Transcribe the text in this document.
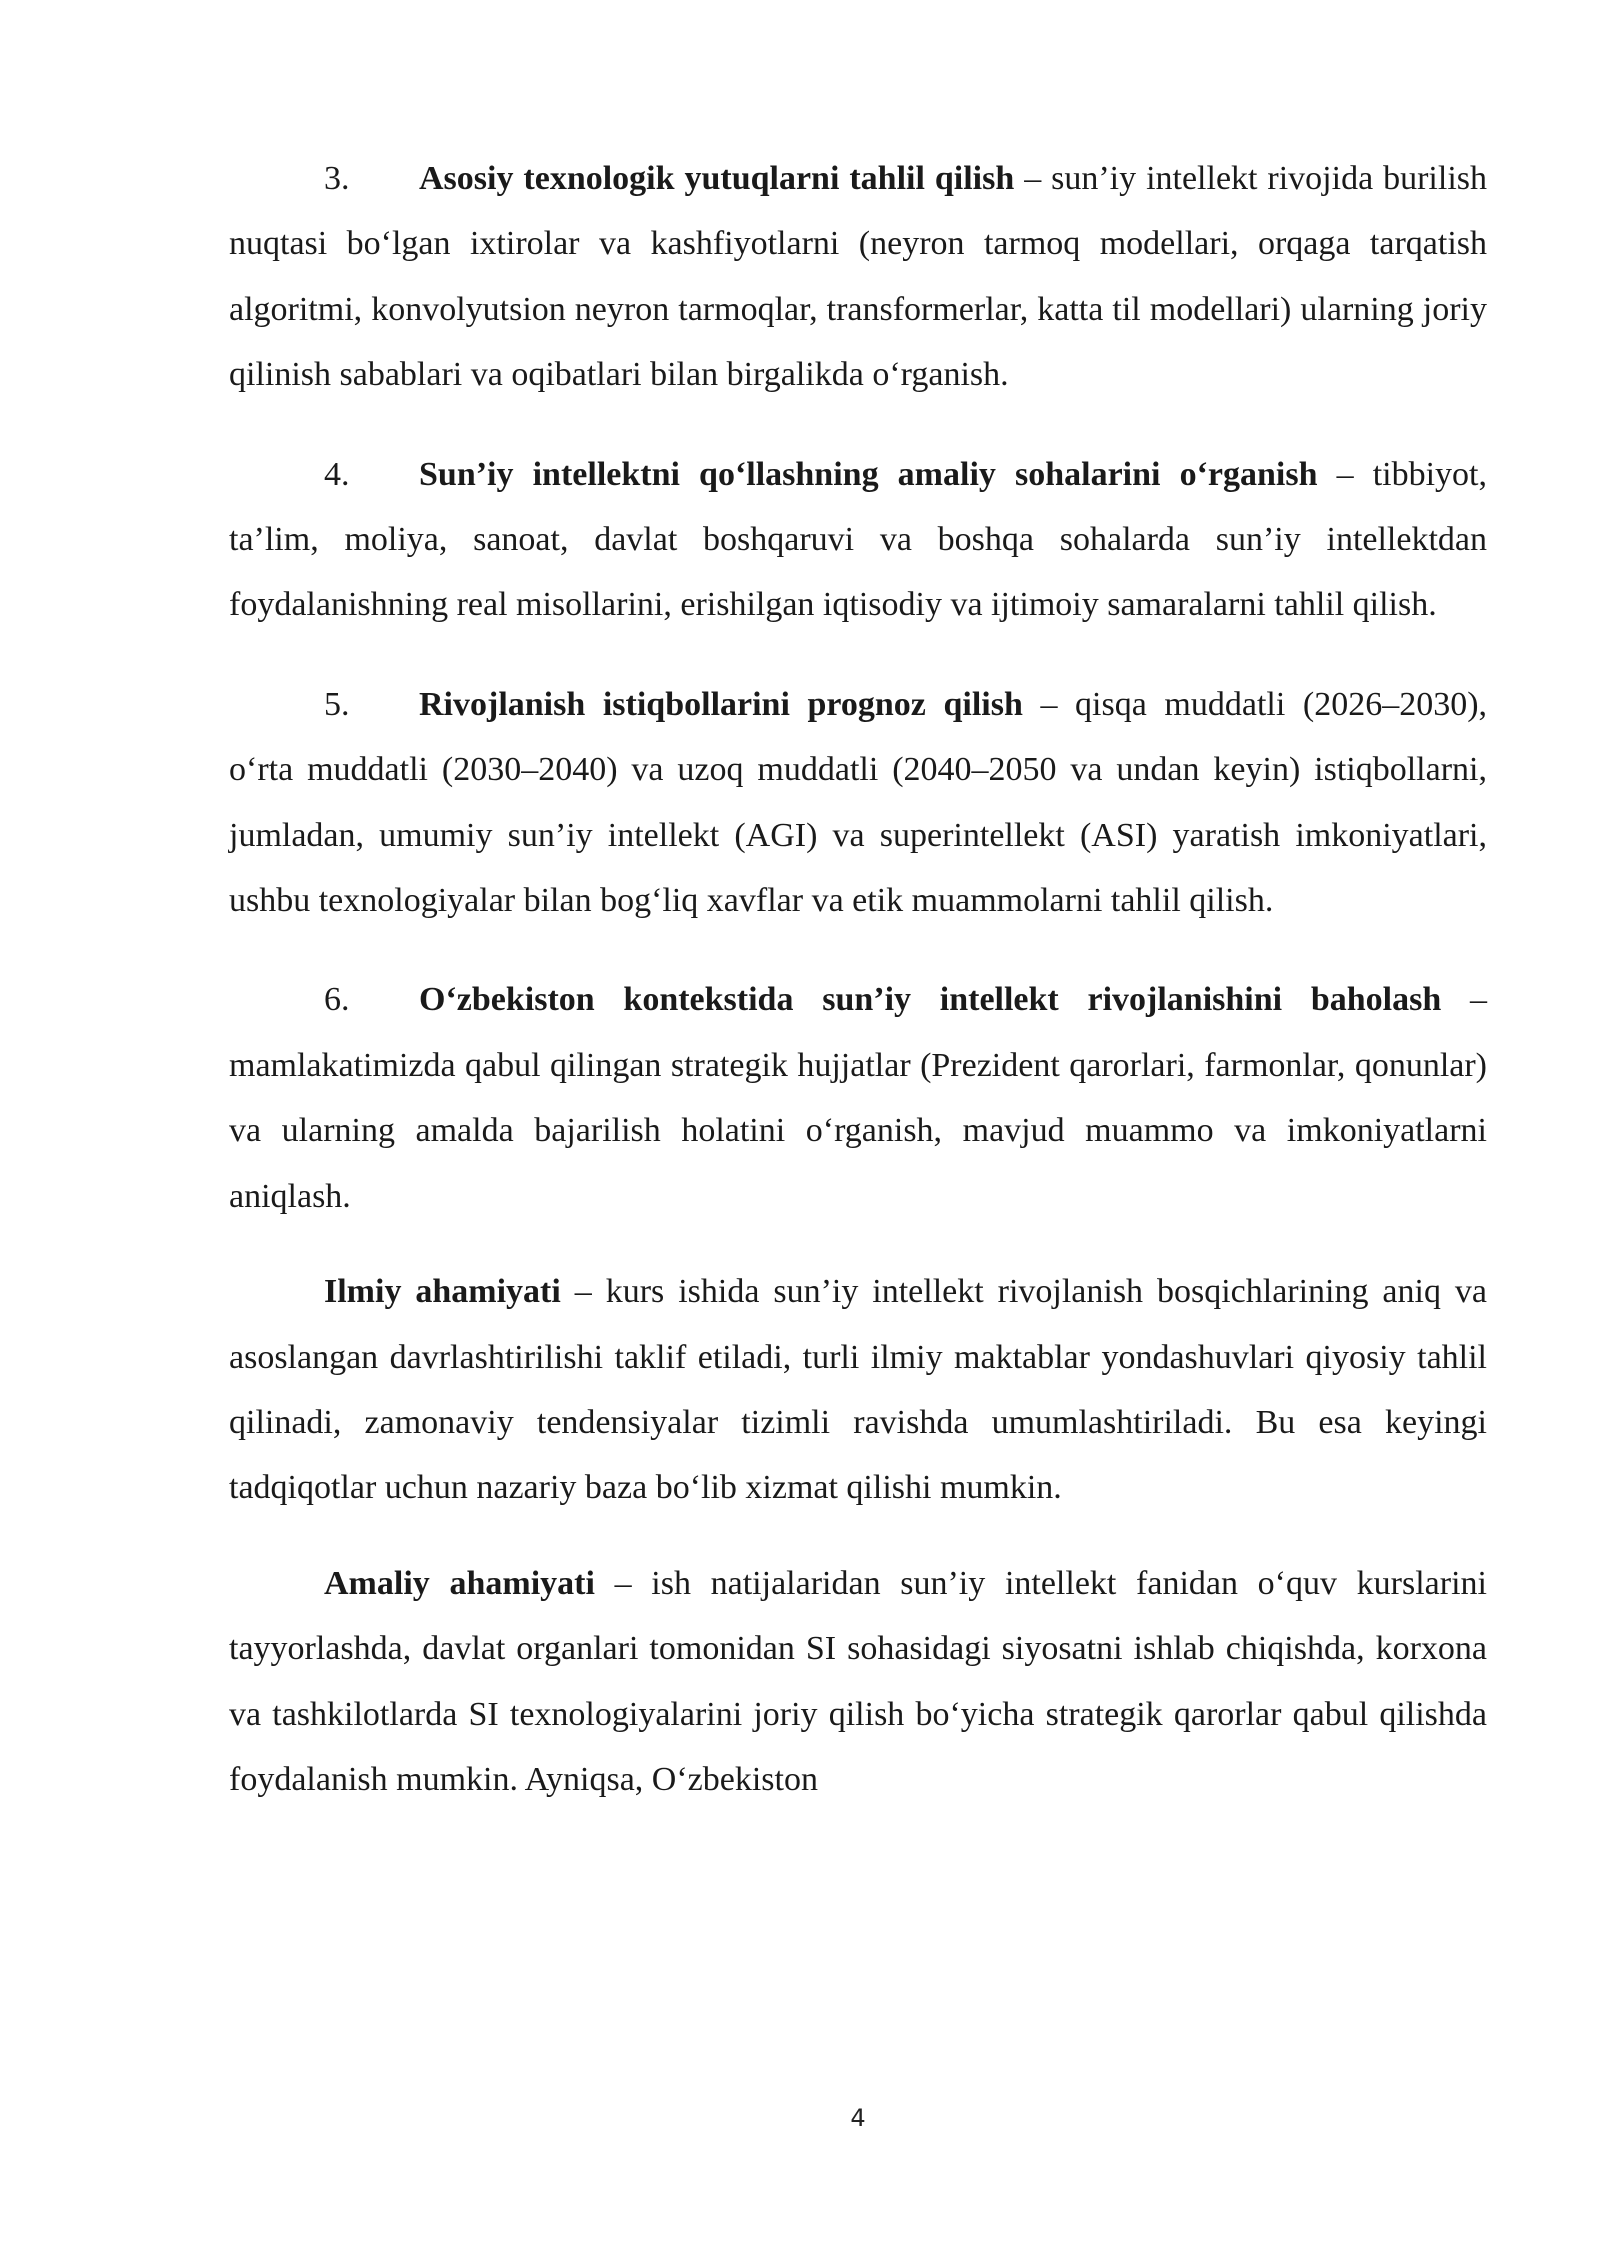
3. Asosiy texnologik yutuqlarni tahlil qilish – sun’iy intellekt rivojida burilish nuqtasi bo‘lgan ixtirolar va kashfiyotlarni (neyron tarmoq modellari, orqaga tarqatish algoritmi, konvolyutsion neyron tarmoqlar, transformerlar, katta til modellari) ularning joriy qilinish sabablari va oqibatlari bilan birgalikda o‘rganish.

4. Sun’iy intellektni qo‘llashning amaliy sohalarini o‘rganish – tibbiyot, ta’lim, moliya, sanoat, davlat boshqaruvi va boshqa sohalarda sun’iy intellektdan foydalanishning real misollarini, erishilgan iqtisodiy va ijtimoiy samaralarni tahlil qilish.

5. Rivojlanish istiqbollarini prognoz qilish – qisqa muddatli (2026–2030), o‘rta muddatli (2030–2040) va uzoq muddatli (2040–2050 va undan keyin) istiqbollarni, jumladan, umumiy sun’iy intellekt (AGI) va superintellekt (ASI) yaratish imkoniyatlari, ushbu texnologiyalar bilan bog‘liq xavflar va etik muammolarni tahlil qilish.

6. O‘zbekiston kontekstida sun’iy intellekt rivojlanishini baholash – mamlakatimizda qabul qilingan strategik hujjatlar (Prezident qarorlari, farmonlar, qonunlar) va ularning amalda bajarilish holatini o‘rganish, mavjud muammo va imkoniyatlarni aniqlash.

Ilmiy ahamiyati – kurs ishida sun’iy intellekt rivojlanish bosqichlarining aniq va asoslangan davrlashtirilishi taklif etiladi, turli ilmiy maktablar yondashuvlari qiyosiy tahlil qilinadi, zamonaviy tendensiyalar tizimli ravishda umumlashtiriladi. Bu esa keyingi tadqiqotlar uchun nazariy baza bo‘lib xizmat qilishi mumkin.

Amaliy ahamiyati – ish natijalaridan sun’iy intellekt fanidan o‘quv kurslarini tayyorlashda, davlat organlari tomonidan SI sohasidagi siyosatni ishlab chiqishda, korxona va tashkilotlarda SI texnologiyalarini joriy qilish bo‘yicha strategik qarorlar qabul qilishda foydalanish mumkin. Ayniqsa, O‘zbekiston

4
